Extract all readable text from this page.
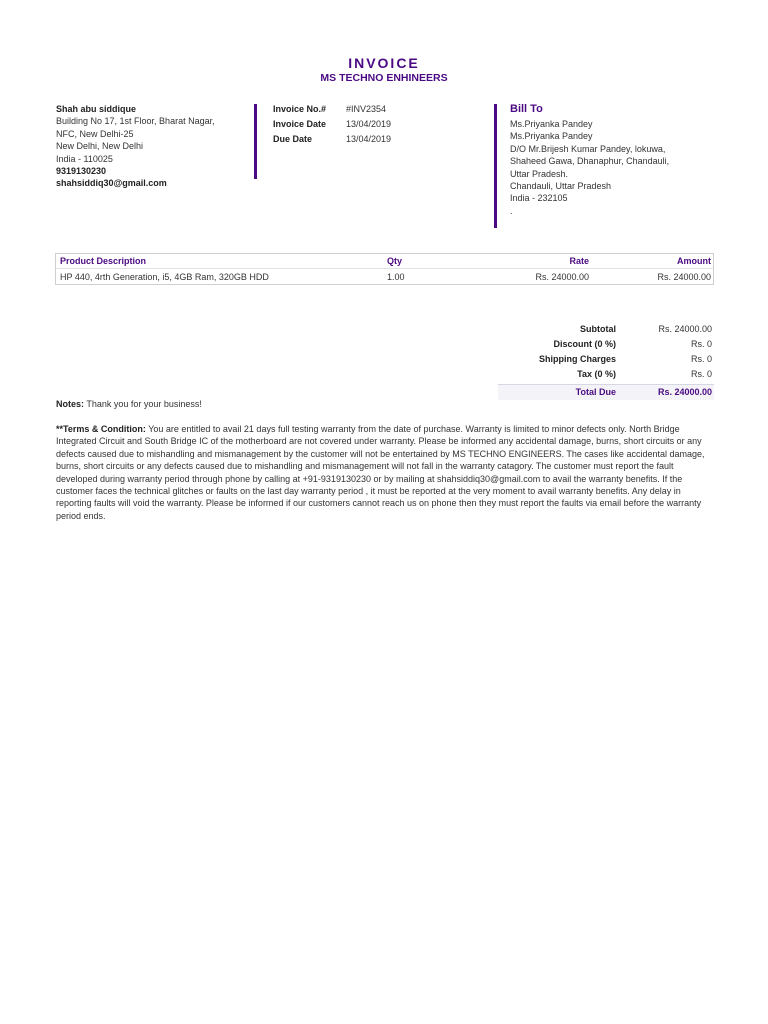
INVOICE
MS TECHNO ENHINEERS
Shah abu siddique
Building No 17, 1st Floor, Bharat Nagar,
NFC, New Delhi-25
New Delhi, New Delhi
India - 110025
9319130230
shahsiddiq30@gmail.com
Invoice No.#	#INV2354
Invoice Date	13/04/2019
Due Date	13/04/2019
Bill To
Ms.Priyanka Pandey
Ms.Priyanka Pandey
D/O Mr.Brijesh Kumar Pandey, lokuwa,
Shaheed Gawa, Dhanaphur, Chandauli,
Uttar Pradesh.
Chandauli, Uttar Pradesh
India - 232105
.
Product Description	Qty	Rate	Amount
HP 440, 4rth Generation, i5, 4GB Ram, 320GB HDD	1.00	Rs. 24000.00	Rs. 24000.00
Subtotal	Rs. 24000.00
Discount (0 %)	Rs. 0
Shipping Charges	Rs. 0
Tax (0 %)	Rs. 0
Total Due	Rs. 24000.00
Notes: Thank you for your business!
**Terms & Condition: You are entitled to avail 21 days full testing warranty from the date of purchase. Warranty is limited to minor defects only. North Bridge Integrated Circuit and South Bridge IC of the motherboard are not covered under warranty. Please be informed any accidental damage, burns, short circuits or any defects caused due to mishandling and mismanagement by the customer will not be entertained by MS TECHNO ENGINEERS. The cases like accidental damage, burns, short circuits or any defects caused due to mishandling and mismanagement will not fall in the warranty catagory. The customer must report the fault developed during warranty period through phone by calling at +91-9319130230 or by mailing at shahsiddiq30@gmail.com to avail the warranty benefits. If the customer faces the technical glitches or faults on the last day warranty period , it must be reported at the very moment to avail warranty benefits. Any delay in reporting faults will void the warranty. Please be informed if our customers cannot reach us on phone then they must report the faults via email before the warranty period ends.
